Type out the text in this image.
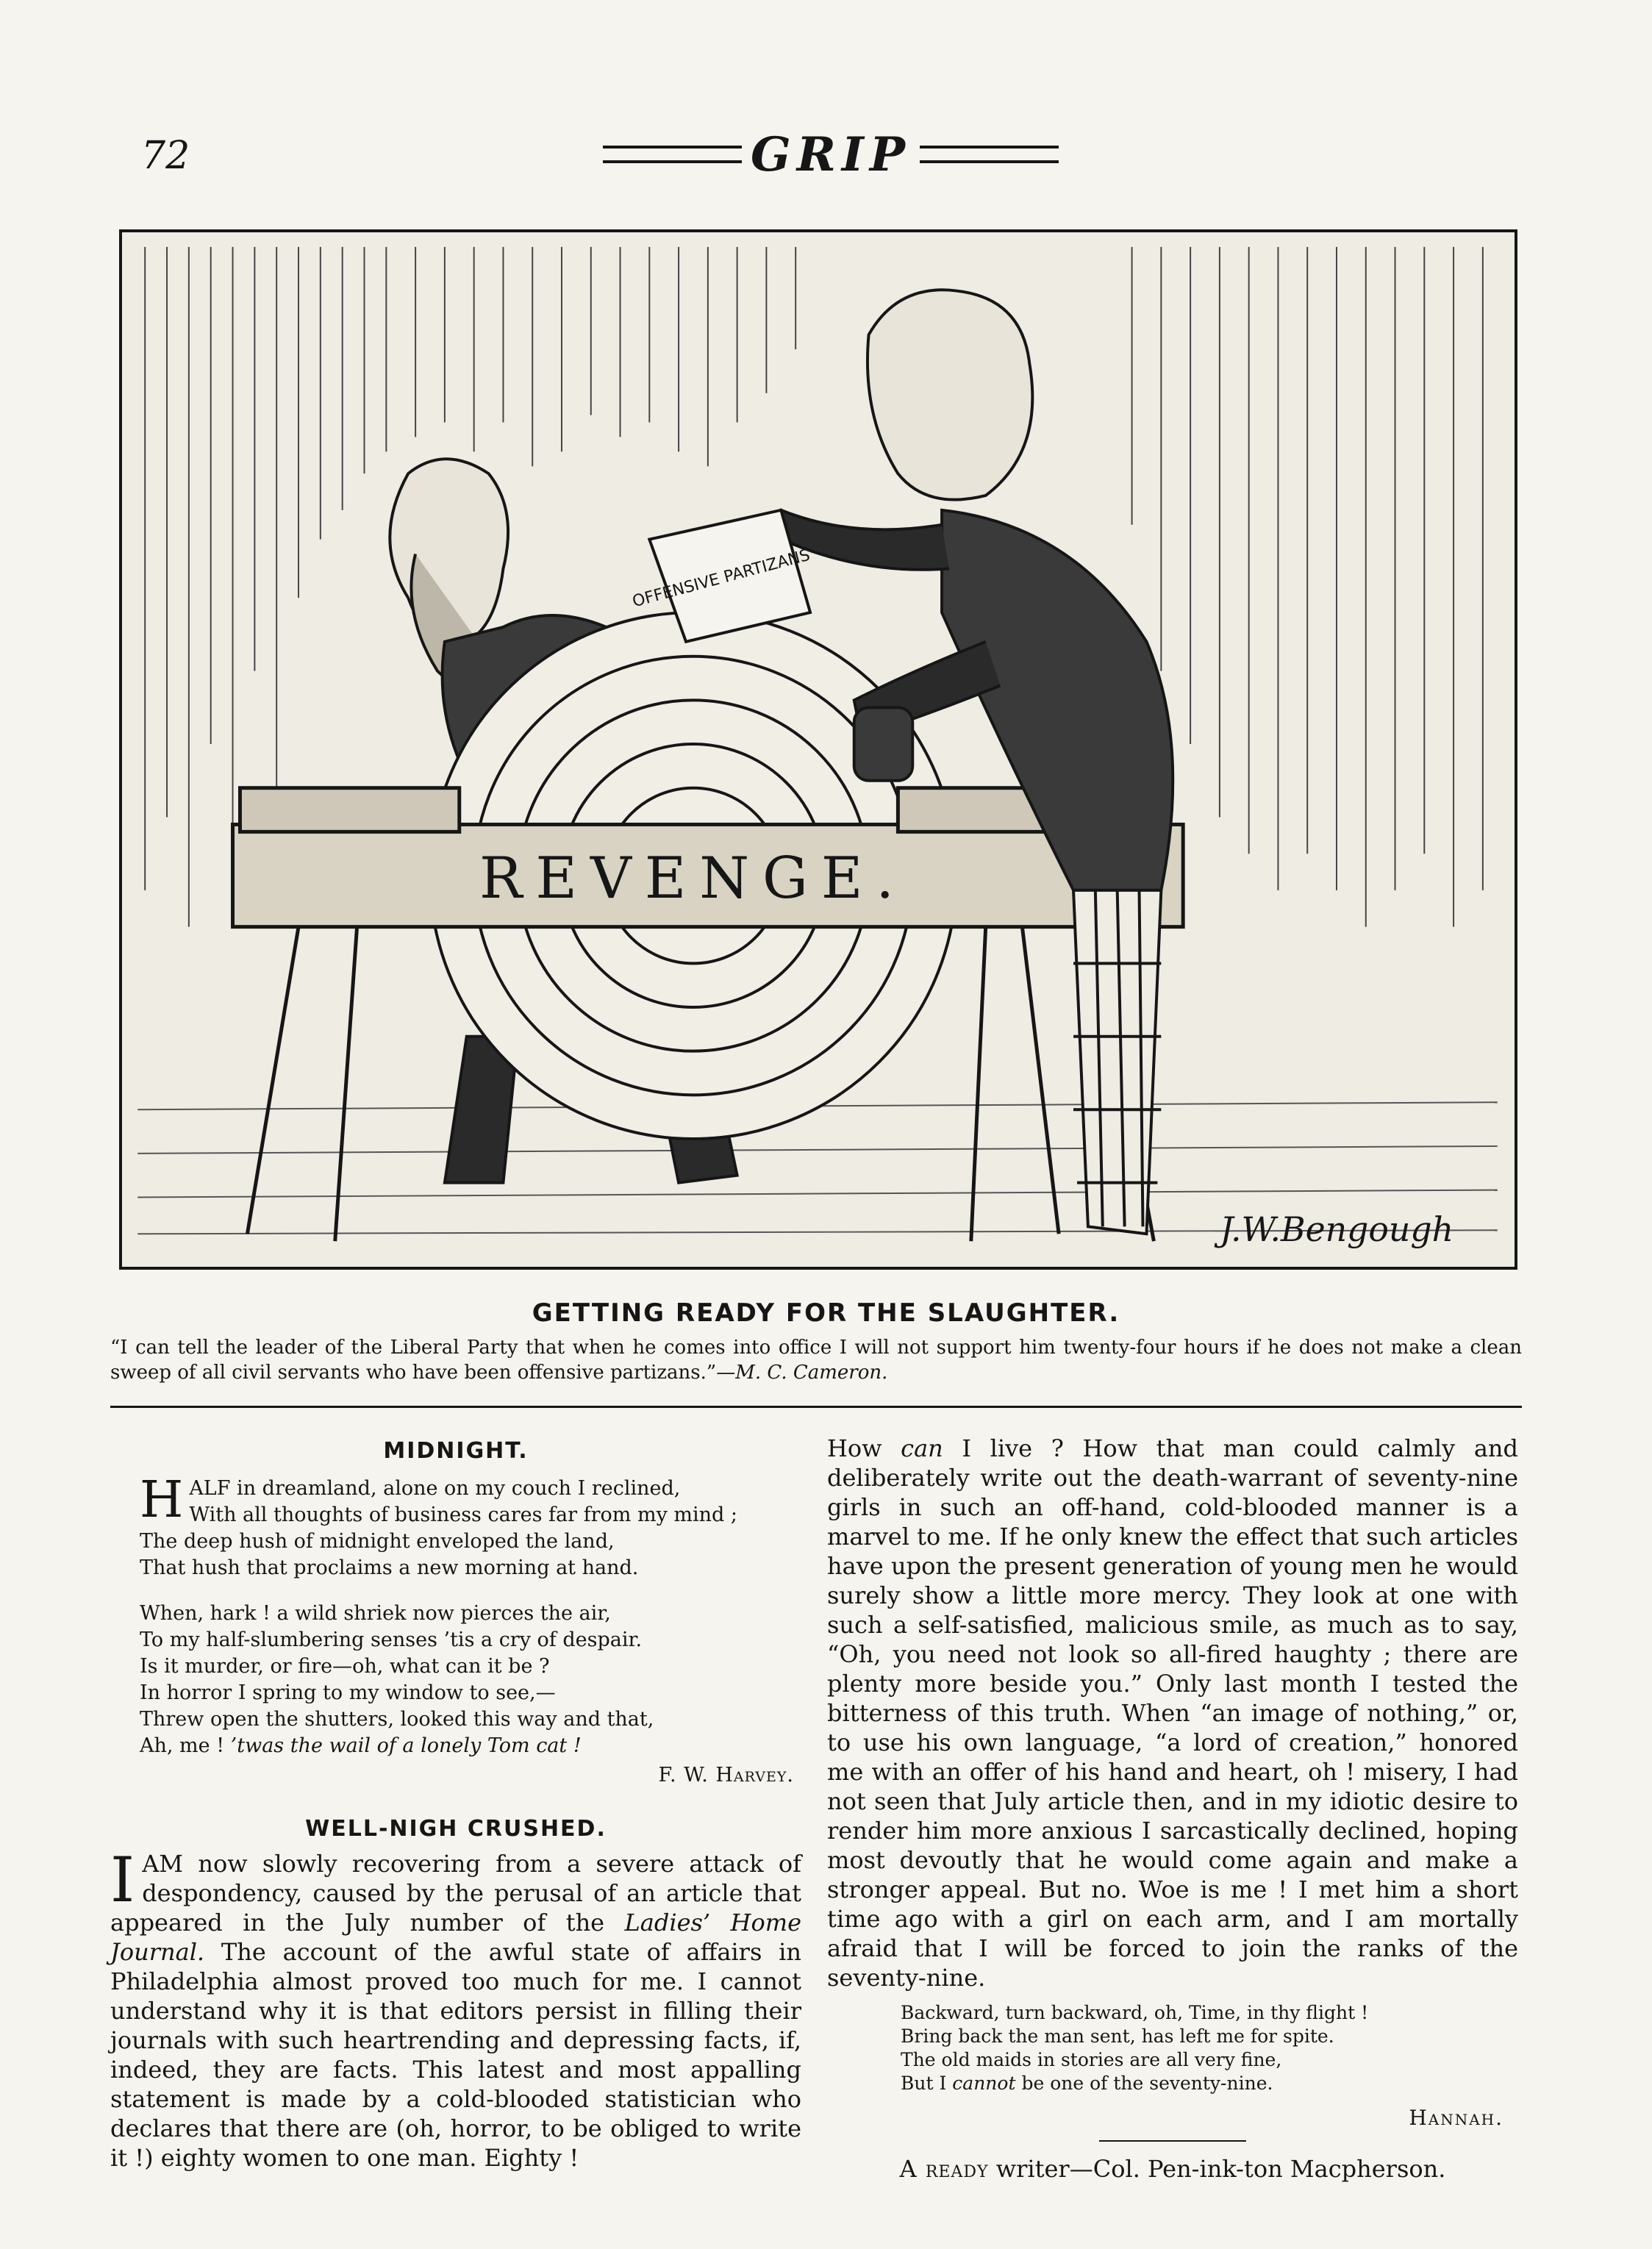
72	GRIP
REVENGE.
OFFENSIVE PARTIZANS
J.W.Bengough
GETTING READY FOR THE SLAUGHTER.
“I can tell the leader of the Liberal Party that when he comes into office I will not support him twenty-four hours if he does not make a clean sweep of all civil servants who have been offensive partizans.”—M. C. Cameron.
MIDNIGHT.
H ALF in dreamland, alone on my couch I reclined,
With all thoughts of business cares far from my mind ;
The deep hush of midnight enveloped the land,
That hush that proclaims a new morning at hand.
When, hark ! a wild shriek now pierces the air,
To my half-slumbering senses ’tis a cry of despair.
Is it murder, or fire—oh, what can it be ?
In horror I spring to my window to see,—
Threw open the shutters, looked this way and that,
Ah, me ! ’twas the wail of a lonely Tom cat !
F. W. Harvey.
WELL-NIGH CRUSHED.
I AM now slowly recovering from a severe attack of despondency, caused by the perusal of an article that appeared in the July number of the Ladies’ Home Journal. The account of the awful state of affairs in Philadelphia almost proved too much for me. I cannot understand why it is that editors persist in filling their journals with such heartrending and depressing facts, if, indeed, they are facts. This latest and most appalling statement is made by a cold-blooded statistician who declares that there are (oh, horror, to be obliged to write it !) eighty women to one man. Eighty !
How can I live ? How that man could calmly and deliberately write out the death-warrant of seventy-nine girls in such an off-hand, cold-blooded manner is a marvel to me. If he only knew the effect that such articles have upon the present generation of young men he would surely show a little more mercy. They look at one with such a self-satisfied, malicious smile, as much as to say, “Oh, you need not look so all-fired haughty ; there are plenty more beside you.” Only last month I tested the bitterness of this truth. When “an image of nothing,” or, to use his own language, “a lord of creation,” honored me with an offer of his hand and heart, oh ! misery, I had not seen that July article then, and in my idiotic desire to render him more anxious I sarcastically declined, hoping most devoutly that he would come again and make a stronger appeal. But no. Woe is me ! I met him a short time ago with a girl on each arm, and I am mortally afraid that I will be forced to join the ranks of the seventy-nine.
Backward, turn backward, oh, Time, in thy flight !
Bring back the man sent, has left me for spite.
The old maids in stories are all very fine,
But I cannot be one of the seventy-nine.
Hannah.
A ready writer—Col. Pen-ink-ton Macpherson.
